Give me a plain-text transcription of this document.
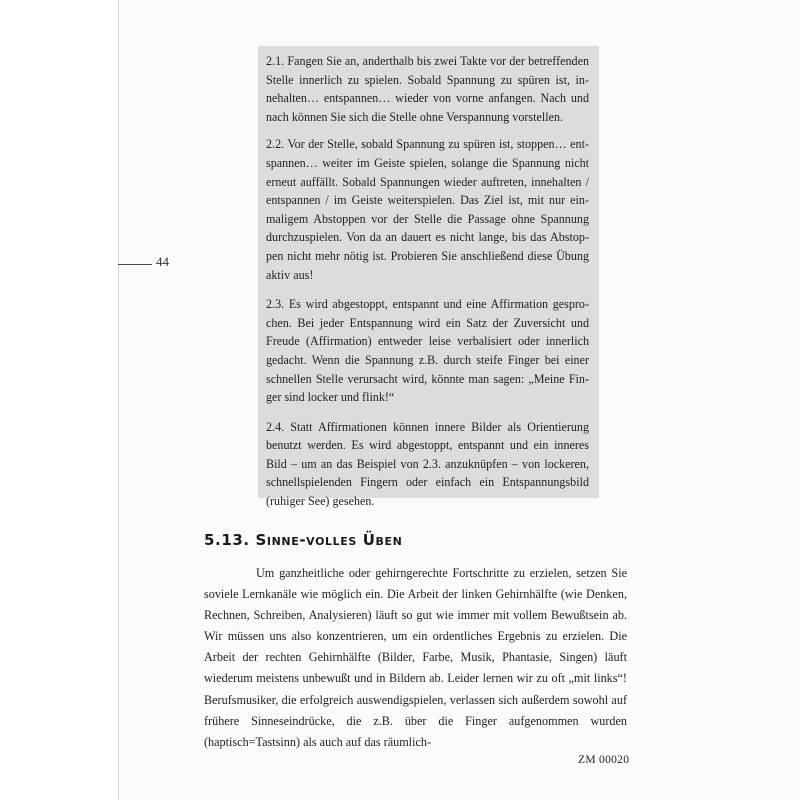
44

2.1. Fangen Sie an, anderthalb bis zwei Takte vor der betreffenden Stelle innerlich zu spielen. Sobald Spannung zu spüren ist, innehalten… entspannen… wieder von vorne anfangen. Nach und nach können Sie sich die Stelle ohne Verspannung vorstellen.

2.2. Vor der Stelle, sobald Spannung zu spüren ist, stoppen… entspannen… weiter im Geiste spielen, solange die Spannung nicht erneut auffällt. Sobald Spannungen wieder auftreten, innehalten / entspannen / im Geiste weiterspielen. Das Ziel ist, mit nur einmaligem Abstoppen vor der Stelle die Passage ohne Spannung durchzuspielen. Von da an dauert es nicht lange, bis das Abstoppen nicht mehr nötig ist. Probieren Sie anschließend diese Übung aktiv aus!

2.3. Es wird abgestoppt, entspannt und eine Affirmation gesprochen. Bei jeder Entspannung wird ein Satz der Zuversicht und Freude (Affirmation) entweder leise verbalisiert oder innerlich gedacht. Wenn die Spannung z.B. durch steife Finger bei einer schnellen Stelle verursacht wird, könnte man sagen: „Meine Finger sind locker und flink!“

2.4. Statt Affirmationen können innere Bilder als Orientierung benutzt werden. Es wird abgestoppt, entspannt und ein inneres Bild – um an das Beispiel von 2.3. anzuknüpfen – von lockeren, schnellspielenden Fingern oder einfach ein Entspannungsbild (ruhiger See) gesehen.

5.13. Sinne-volles Üben

Um ganzheitliche oder gehirngerechte Fortschritte zu erzielen, setzen Sie soviele Lernkanäle wie möglich ein. Die Arbeit der linken Gehirnhälfte (wie Denken, Rechnen, Schreiben, Analysieren) läuft so gut wie immer mit vollem Bewußtsein ab. Wir müssen uns also konzentrieren, um ein ordentliches Ergebnis zu erzielen. Die Arbeit der rechten Gehirnhälfte (Bilder, Farbe, Musik, Phantasie, Singen) läuft wiederum meistens unbewußt und in Bildern ab. Leider lernen wir zu oft „mit links“! Berufsmusiker, die erfolgreich auswendigspielen, verlassen sich außerdem sowohl auf frühere Sinneseindrücke, die z.B. über die Finger aufgenommen wurden (haptisch=Tastsinn) als auch auf das räumlich-

ZM 00020
